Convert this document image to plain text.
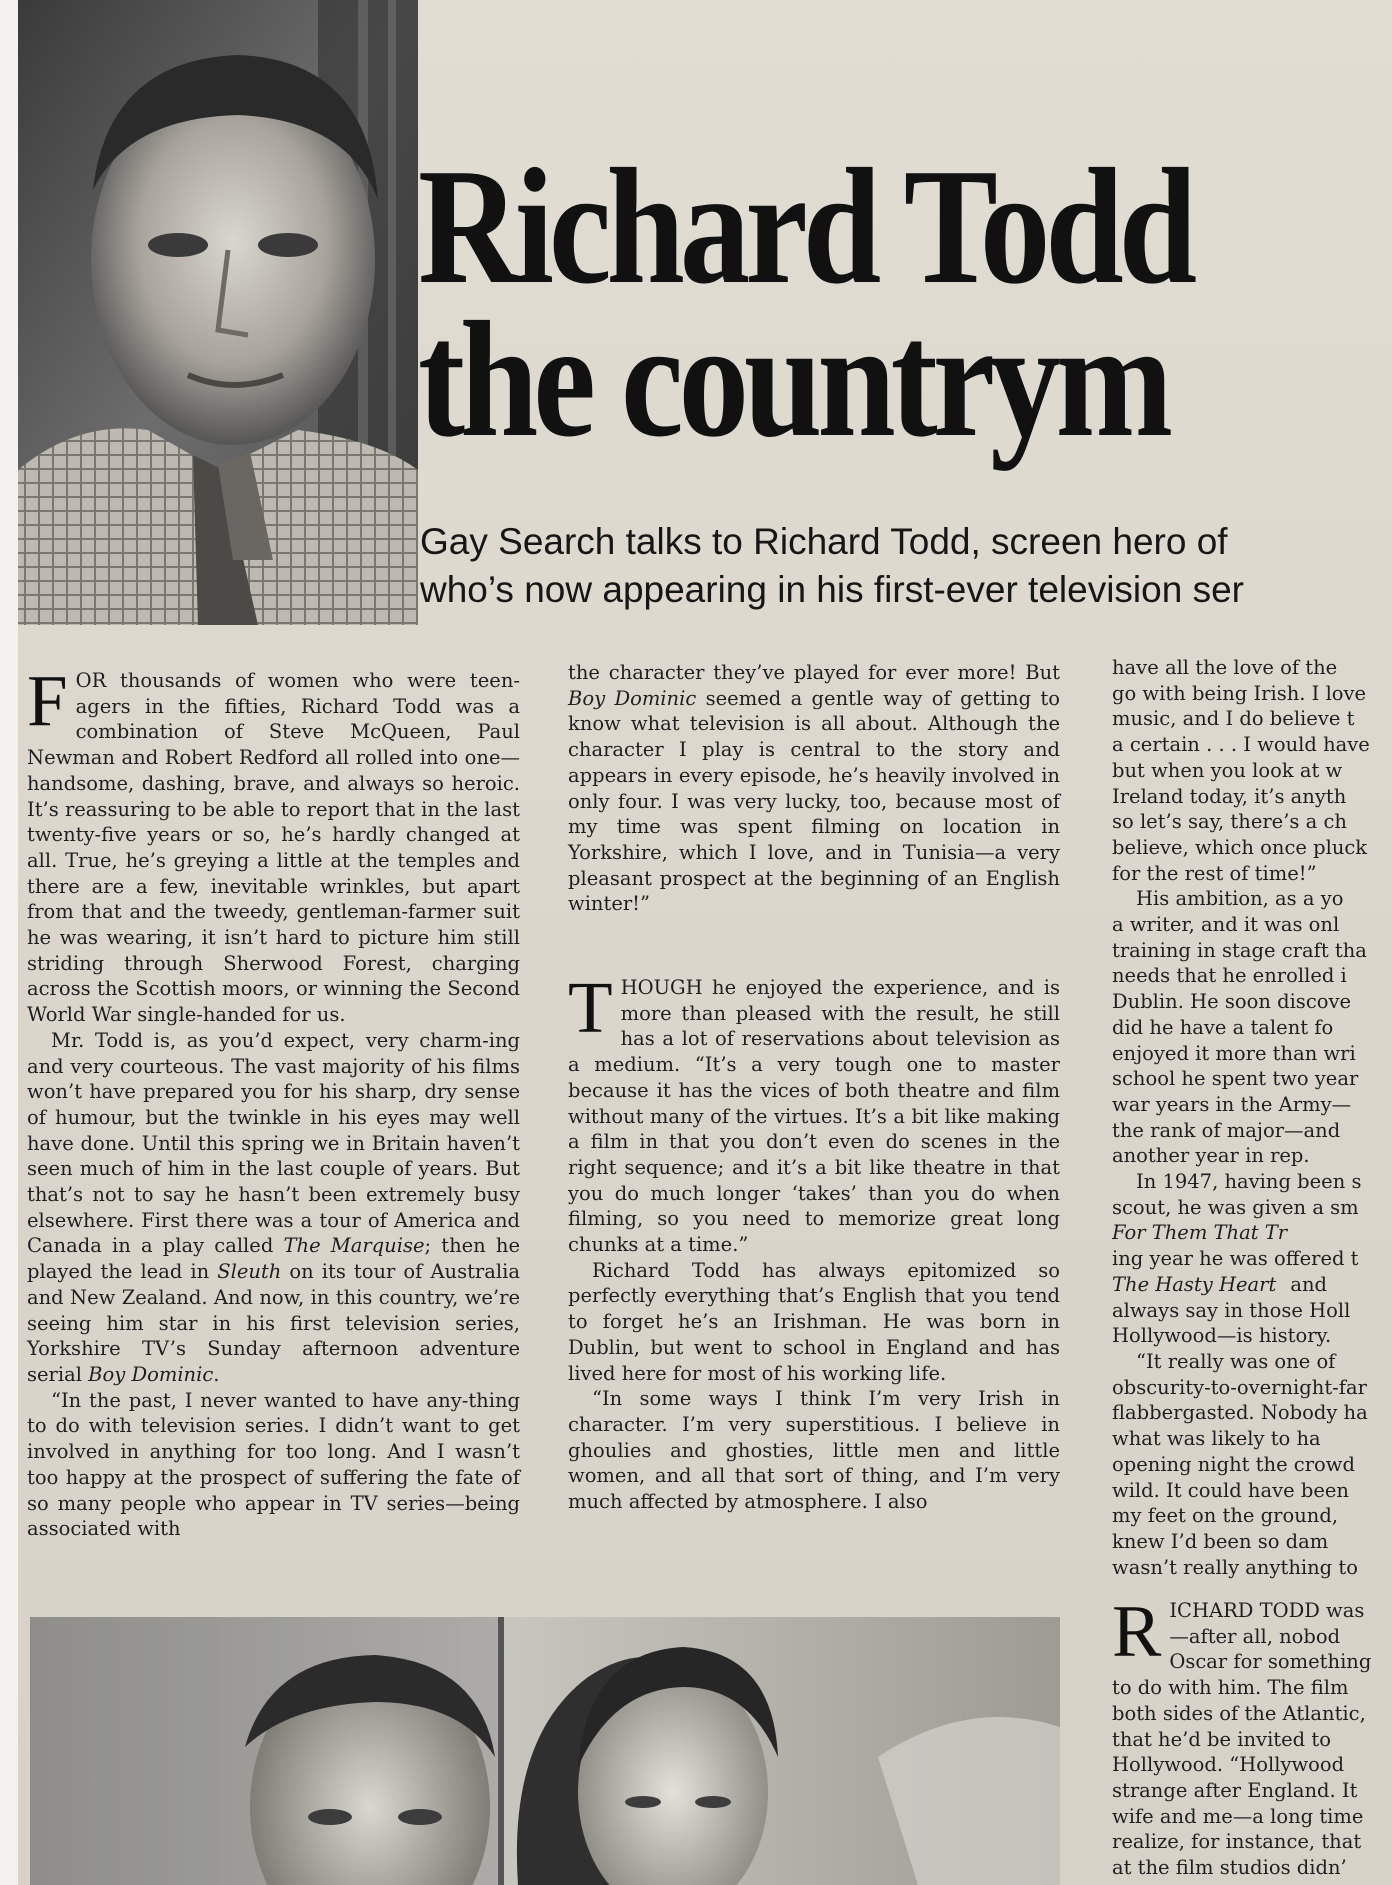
Richard Todd
the countrym
Gay Search talks to Richard Todd, screen hero of
who’s now appearing in his first-ever television ser

FOR thousands of women who were teen-agers in the fifties, Richard Todd was a combination of Steve McQueen, Paul Newman and Robert Redford all rolled into one—handsome, dashing, brave, and always so heroic. It’s reassuring to be able to report that in the last twenty-five years or so, he’s hardly changed at all. True, he’s greying a little at the temples and there are a few, inevitable wrinkles, but apart from that and the tweedy, gentleman-farmer suit he was wearing, it isn’t hard to picture him still striding through Sherwood Forest, charging across the Scottish moors, or winning the Second World War single-handed for us.

Mr. Todd is, as you’d expect, very charm-ing and very courteous. The vast majority of his films won’t have prepared you for his sharp, dry sense of humour, but the twinkle in his eyes may well have done. Until this spring we in Britain haven’t seen much of him in the last couple of years. But that’s not to say he hasn’t been extremely busy elsewhere. First there was a tour of America and Canada in a play called The Marquise; then he played the lead in Sleuth on its tour of Australia and New Zealand. And now, in this country, we’re seeing him star in his first television series, Yorkshire TV’s Sunday afternoon adventure serial Boy Dominic.

“In the past, I never wanted to have any-thing to do with television series. I didn’t want to get involved in anything for too long. And I wasn’t too happy at the prospect of suffering the fate of so many people who appear in TV series—being associated with

the character they’ve played for ever more! But Boy Dominic seemed a gentle way of getting to know what television is all about. Although the character I play is central to the story and appears in every episode, he’s heavily involved in only four. I was very lucky, too, because most of my time was spent filming on location in Yorkshire, which I love, and in Tunisia—a very pleasant prospect at the beginning of an English winter!”

THOUGH he enjoyed the experience, and is more than pleased with the result, he still has a lot of reservations about television as a medium. “It’s a very tough one to master because it has the vices of both theatre and film without many of the virtues. It’s a bit like making a film in that you don’t even do scenes in the right sequence; and it’s a bit like theatre in that you do much longer ‘takes’ than you do when filming, so you need to memorize great long chunks at a time.”

Richard Todd has always epitomized so perfectly everything that’s English that you tend to forget he’s an Irishman. He was born in Dublin, but went to school in England and has lived here for most of his working life.

“In some ways I think I’m very Irish in character. I’m very superstitious. I believe in ghoulies and ghosties, little men and little women, and all that sort of thing, and I’m very much affected by atmosphere. I also

have all the love of the
go with being Irish. I love
music, and I do believe t
a certain . . . I would have
but when you look at w
Ireland today, it’s anyth
so let’s say, there’s a ch
believe, which once pluck
for the rest of time!”
His ambition, as a yo
a writer, and it was onl
training in stage craft tha
needs that he enrolled i
Dublin. He soon discove
did he have a talent fo
enjoyed it more than wri
school he spent two year
war years in the Army—
the rank of major—and
another year in rep.
In 1947, having been s
scout, he was given a sm
For Them That Tr
ing year he was offered t
The Hasty Heart and
always say in those Holl
Hollywood—is history.
“It really was one of
obscurity-to-overnight-far
flabbergasted. Nobody ha
what was likely to ha
opening night the crowd
wild. It could have been
my feet on the ground,
knew I’d been so dam
wasn’t really anything to

RICHARD TODD was
—after all, nobod
Oscar for something

to do with him. The film
both sides of the Atlantic,
that he’d be invited to
Hollywood. “Hollywood
strange after England. It
wife and me—a long time
realize, for instance, that
at the film studios didn’
